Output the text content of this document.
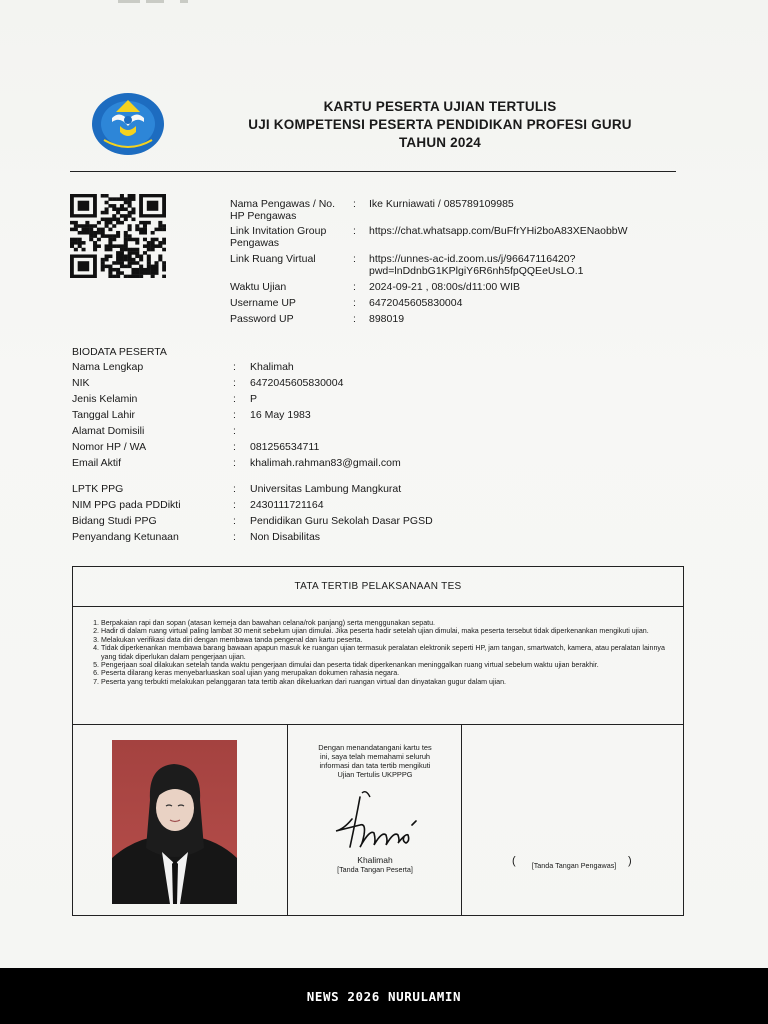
KARTU PESERTA UJIAN TERTULIS
UJI KOMPETENSI PESERTA PENDIDIKAN PROFESI GURU
TAHUN 2024
Nama Pengawas / No. HP Pengawas
: Ike Kurniawati / 085789109985
Link Invitation Group Pengawas
: https://chat.whatsapp.com/BuFfrYHi2boA83XENaobbW
Link Ruang Virtual	: https://unnes-ac-id.zoom.us/j/96647116420?
pwd=lnDdnbG1KPlgiY6R6nh5fpQQEeUsLO.1
Waktu Ujian	: 2024-09-21 , 08:00s/d11:00 WIB
Username UP	: 6472045605830004
Password UP	: 898019
BIODATA PESERTA
Nama Lengkap	: Khalimah
NIK	: 6472045605830004
Jenis Kelamin	: P
Tanggal Lahir	: 16 May 1983
Alamat Domisili	:
Nomor HP / WA	: 081256534711
Email Aktif	: khalimah.rahman83@gmail.com
LPTK PPG	: Universitas Lambung Mangkurat
NIM PPG pada PDDikti	: 2430111721164
Bidang Studi PPG	: Pendidikan Guru Sekolah Dasar PGSD
Penyandang Ketunaan	: Non Disabilitas
TATA TERTIB PELAKSANAAN TES
1. Berpakaian rapi dan sopan (atasan kemeja dan bawahan celana/rok panjang) serta menggunakan sepatu.
2. Hadir di dalam ruang virtual paling lambat 30 menit sebelum ujian dimulai. Jika peserta hadir setelah ujian dimulai, maka peserta tersebut tidak diperkenankan mengikuti ujian.
3. Melakukan verifikasi data diri dengan membawa tanda pengenal dan kartu peserta.
4. Tidak diperkenankan membawa barang bawaan apapun masuk ke ruangan ujian termasuk peralatan elektronik seperti HP, jam tangan, smartwatch, kamera, atau peralatan lainnya yang tidak diperlukan dalam pengerjaan ujian.
5. Pengerjaan soal dilakukan setelah tanda waktu pengerjaan dimulai dan peserta tidak diperkenankan meninggalkan ruang virtual sebelum waktu ujian berakhir.
6. Peserta dilarang keras menyebarluaskan soal ujian yang merupakan dokumen rahasia negara.
7. Peserta yang terbukti melakukan pelanggaran tata tertib akan dikeluarkan dari ruangan virtual dan dinyatakan gugur dalam ujian.
Dengan menandatangani kartu tes
ini, saya telah memahami seluruh
informasi dan tata tertib mengikuti
Ujian Tertulis UKPPPG
Khalimah
[Tanda Tangan Peserta]
(	)
[Tanda Tangan Pengawas]
NEWS 2026 NURULAMIN
